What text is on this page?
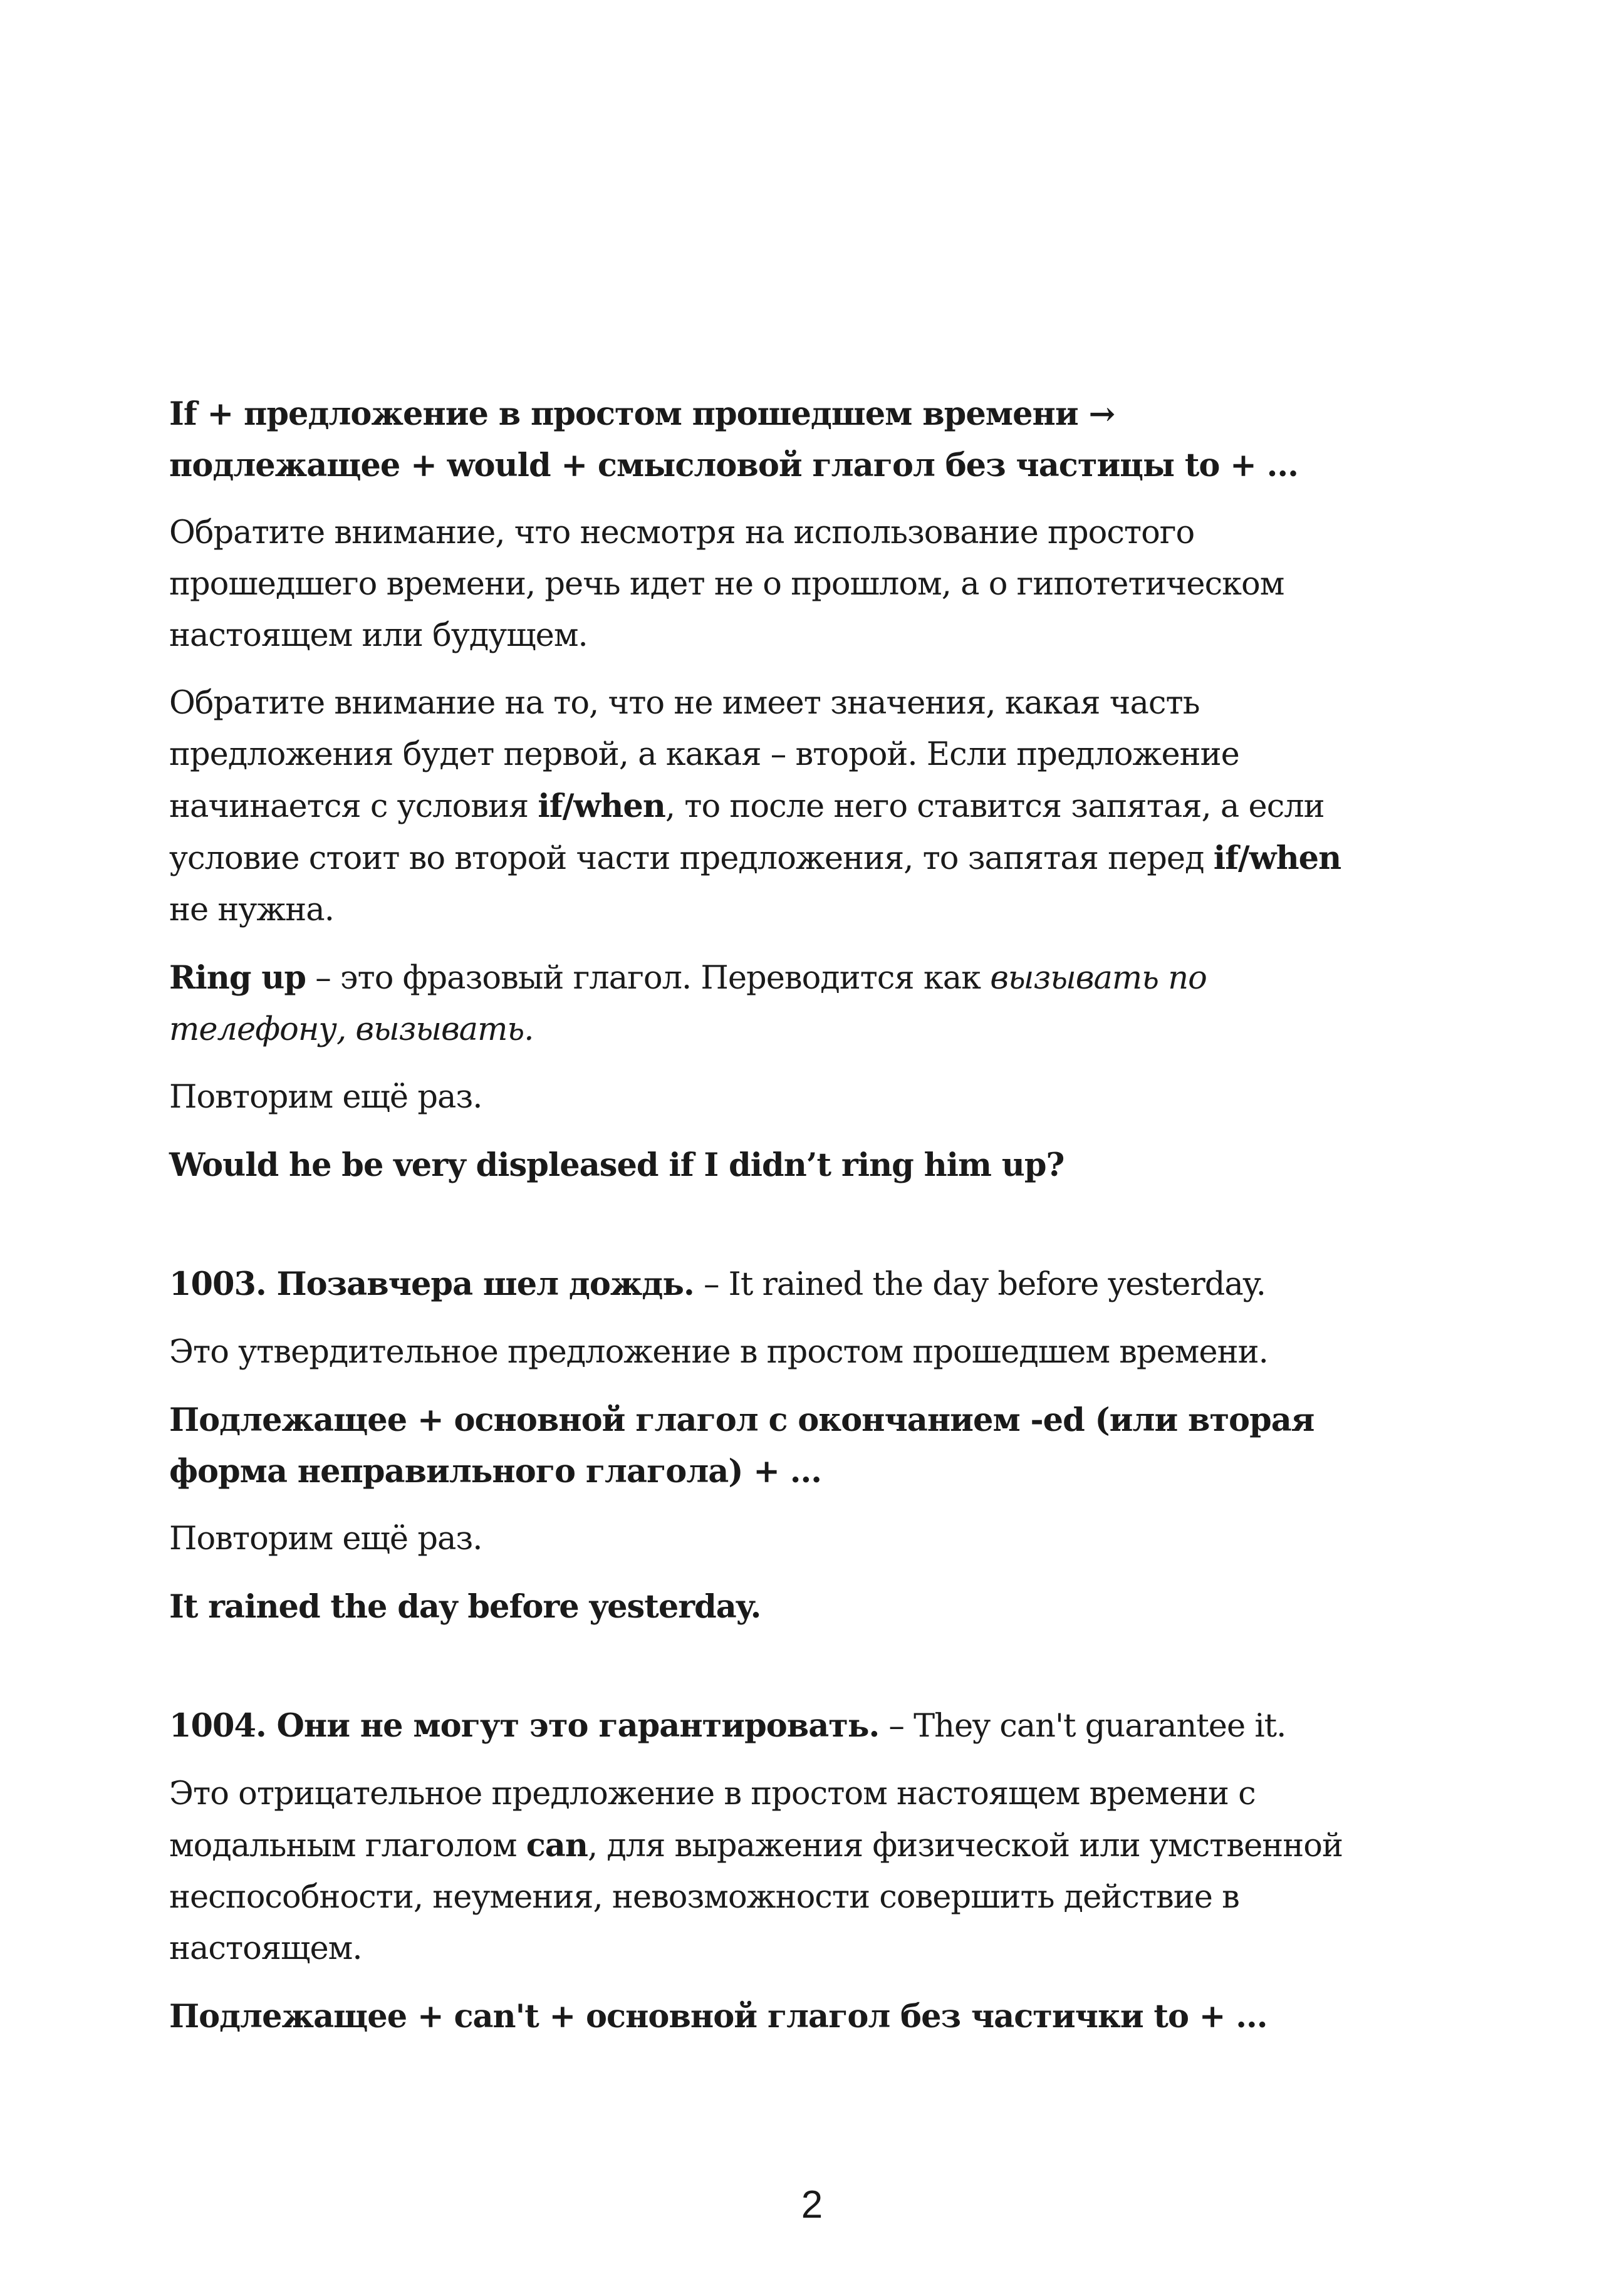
If + предложение в простом прошедшем времени →
подлежащее + would + смысловой глагол без частицы to + ...

Обратите внимание, что несмотря на использование простого прошедшего времени, речь идет не о прошлом, а о гипотетическом настоящем или будущем.

Обратите внимание на то, что не имеет значения, какая часть предложения будет первой, а какая – второй. Если предложение начинается с условия if/when, то после него ставится запятая, а если условие стоит во второй части предложения, то запятая перед if/when не нужна.

Ring up – это фразовый глагол. Переводится как вызывать по телефону, вызывать.

Повторим ещё раз.

Would he be very displeased if I didn’t ring him up?

1003. Позавчера шел дождь. – It rained the day before yesterday.

Это утвердительное предложение в простом прошедшем времени.

Подлежащее + основной глагол с окончанием -ed (или вторая форма неправильного глагола) + ...

Повторим ещё раз.

It rained the day before yesterday.

1004. Они не могут это гарантировать. – They can't guarantee it.

Это отрицательное предложение в простом настоящем времени с модальным глаголом can, для выражения физической или умственной неспособности, неумения, невозможности совершить действие в настоящем.

Подлежащее + can't + основной глагол без частички to + ...

2
